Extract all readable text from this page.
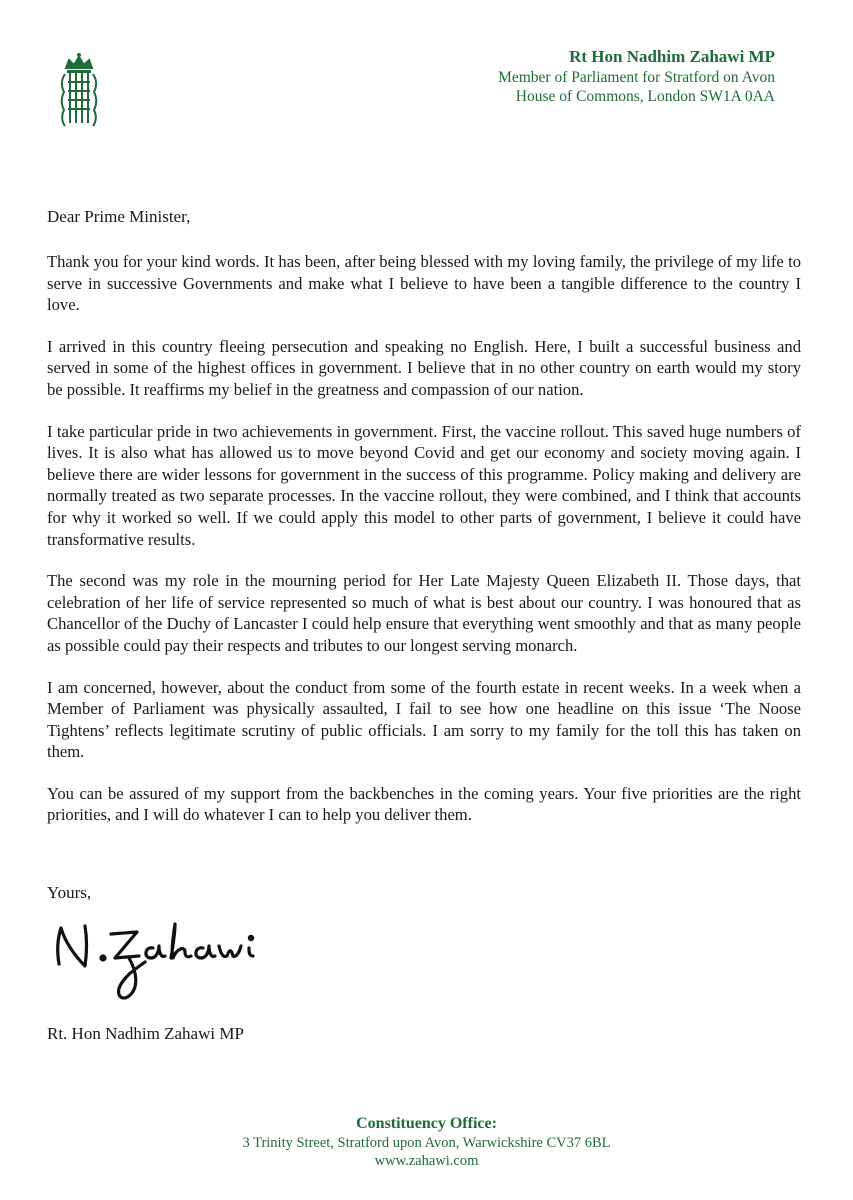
Rt Hon Nadhim Zahawi MP
Member of Parliament for Stratford on Avon
House of Commons, London SW1A 0AA
Dear Prime Minister,

Thank you for your kind words. It has been, after being blessed with my loving family, the privilege of my life to serve in successive Governments and make what I believe to have been a tangible difference to the country I love.

I arrived in this country fleeing persecution and speaking no English. Here, I built a successful business and served in some of the highest offices in government. I believe that in no other country on earth would my story be possible. It reaffirms my belief in the greatness and compassion of our nation.

I take particular pride in two achievements in government. First, the vaccine rollout. This saved huge numbers of lives. It is also what has allowed us to move beyond Covid and get our economy and society moving again. I believe there are wider lessons for government in the success of this programme. Policy making and delivery are normally treated as two separate processes. In the vaccine rollout, they were combined, and I think that accounts for why it worked so well. If we could apply this model to other parts of government, I believe it could have transformative results.

The second was my role in the mourning period for Her Late Majesty Queen Elizabeth II. Those days, that celebration of her life of service represented so much of what is best about our country. I was honoured that as Chancellor of the Duchy of Lancaster I could help ensure that everything went smoothly and that as many people as possible could pay their respects and tributes to our longest serving monarch.

I am concerned, however, about the conduct from some of the fourth estate in recent weeks. In a week when a Member of Parliament was physically assaulted, I fail to see how one headline on this issue ‘The Noose Tightens’ reflects legitimate scrutiny of public officials. I am sorry to my family for the toll this has taken on them.

You can be assured of my support from the backbenches in the coming years. Your five priorities are the right priorities, and I will do whatever I can to help you deliver them.

Yours,
Rt. Hon Nadhim Zahawi MP
Constituency Office:
3 Trinity Street, Stratford upon Avon, Warwickshire CV37 6BL
www.zahawi.com
